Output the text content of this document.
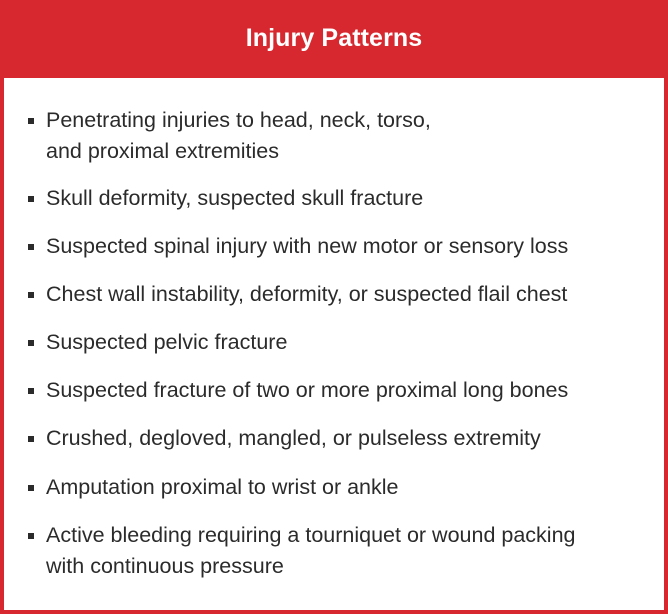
Injury Patterns
Penetrating injuries to head, neck, torso,
and proximal extremities
Skull deformity, suspected skull fracture
Suspected spinal injury with new motor or sensory loss
Chest wall instability, deformity, or suspected flail chest
Suspected pelvic fracture
Suspected fracture of two or more proximal long bones
Crushed, degloved, mangled, or pulseless extremity
Amputation proximal to wrist or ankle
Active bleeding requiring a tourniquet or wound packing
with continuous pressure
